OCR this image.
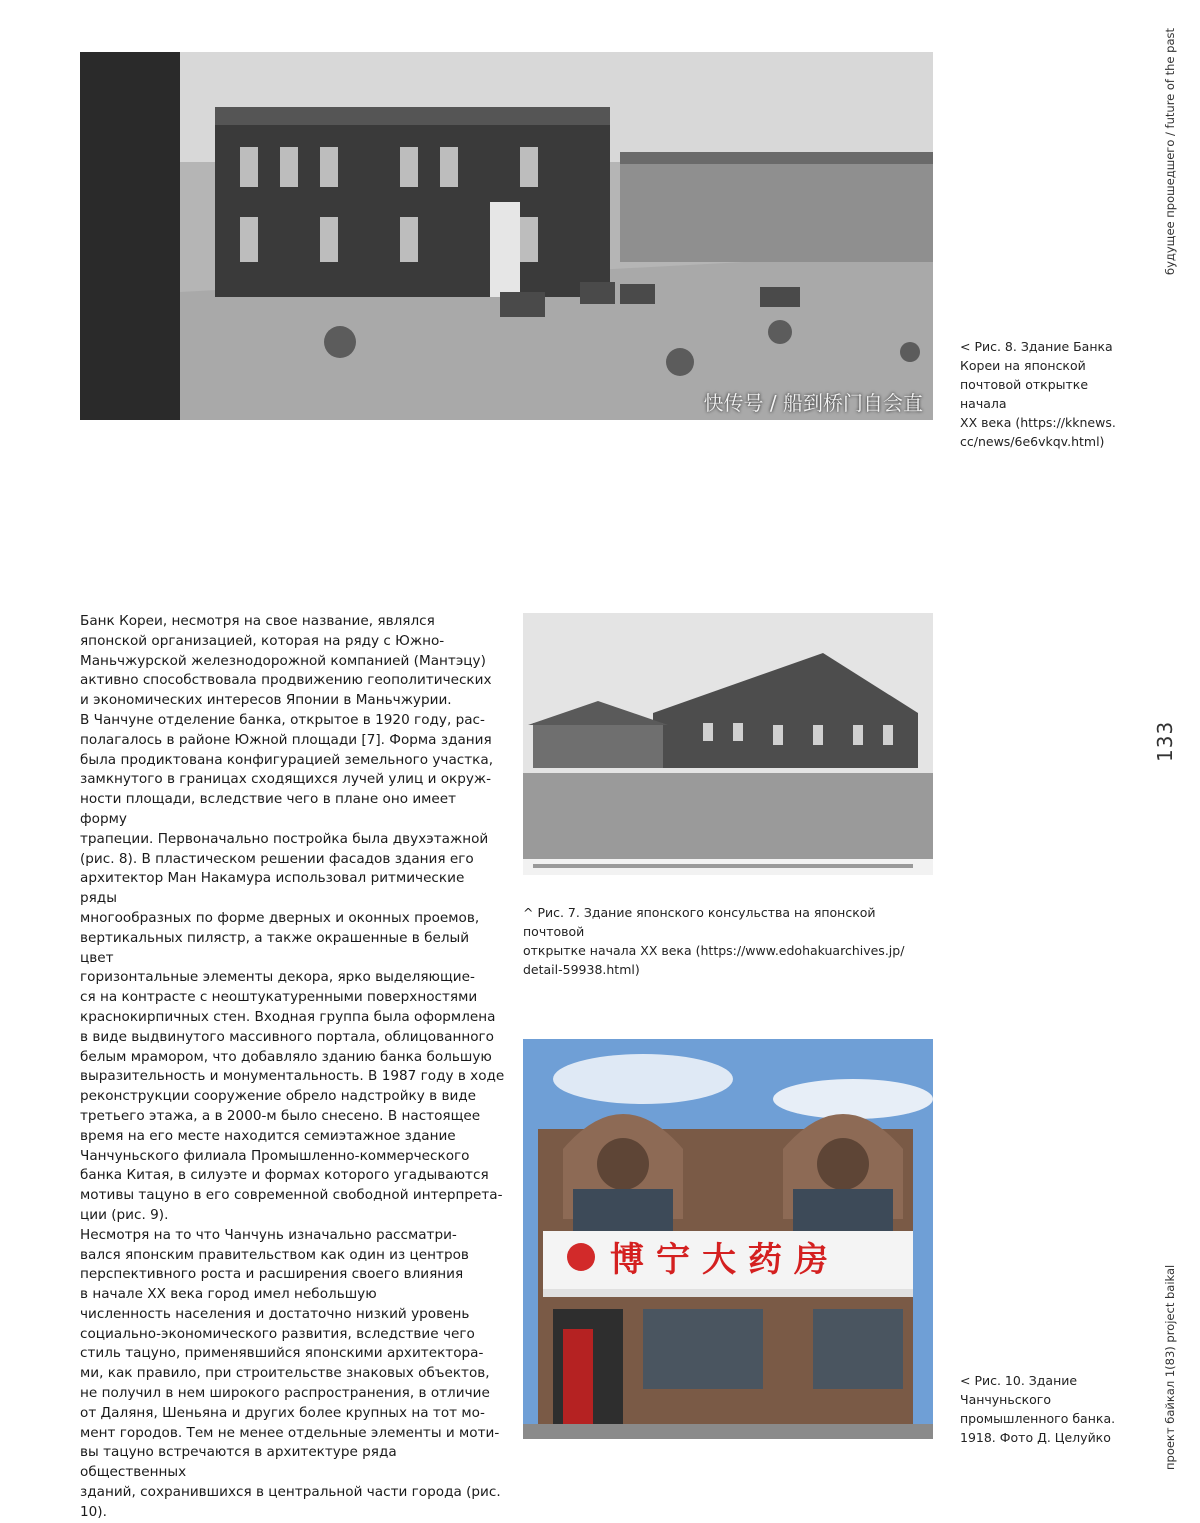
快传号 / 船到桥门自会直

< Рис. 8. Здание Банка
Кореи на японской
почтовой открытке начала
XX века (https://kknews.
cc/news/6e6vkqv.html)

^ Рис. 7. Здание японского консульства на японской почтовой
открытке начала XX века (https://www.edohakuarchives.jp/
detail-59938.html)

博宁大药房

< Рис. 10. Здание
Чанчуньского
промышленного банка.
1918. Фото Д. Целуйко

Банк Кореи, несмотря на свое название, являлся
японской организацией, которая на ряду с Южно-
Маньчжурской железнодорожной компанией (Мантэцу)
активно способствовала продвижению геополитических
и экономических интересов Японии в Маньчжурии.
В Чанчуне отделение банка, открытое в 1920 году, рас-
полагалось в районе Южной площади [7]. Форма здания
была продиктована конфигурацией земельного участка,
замкнутого в границах сходящихся лучей улиц и окруж-
ности площади, вследствие чего в плане оно имеет форму
трапеции. Первоначально постройка была двухэтажной
(рис. 8). В пластическом решении фасадов здания его
архитектор Ман Накамура использовал ритмические ряды
многообразных по форме дверных и оконных проемов,
вертикальных пилястр, а также окрашенные в белый цвет
горизонтальные элементы декора, ярко выделяющие-
ся на контрасте с неоштукатуренными поверхностями
краснокирпичных стен. Входная группа была оформлена
в виде выдвинутого массивного портала, облицованного
белым мрамором, что добавляло зданию банка большую
выразительность и монументальность. В 1987 году в ходе
реконструкции сооружение обрело надстройку в виде
третьего этажа, а в 2000-м было снесено. В настоящее
время на его месте находится семиэтажное здание
Чанчуньского филиала Промышленно-коммерческого
банка Китая, в силуэте и формах которого угадываются
мотивы тацуно в его современной свободной интерпрета-
ции (рис. 9).

Несмотря на то что Чанчунь изначально рассматри-
вался японским правительством как один из центров
перспективного роста и расширения своего влияния
в начале XX века город имел небольшую
численность населения и достаточно низкий уровень
социально-экономического развития, вследствие чего
стиль тацуно, применявшийся японскими архитектора-
ми, как правило, при строительстве знаковых объектов,
не получил в нем широкого распространения, в отличие
от Даляня, Шеньяна и других более крупных на тот мо-
мент городов. Тем не менее отдельные элементы и моти-
вы тацуно встречаются в архитектуре ряда общественных
зданий, сохранившихся в центральной части города (рис.
10).

будущее прошедшего / future of the past
133
проект байкал 1(83) project baikal
